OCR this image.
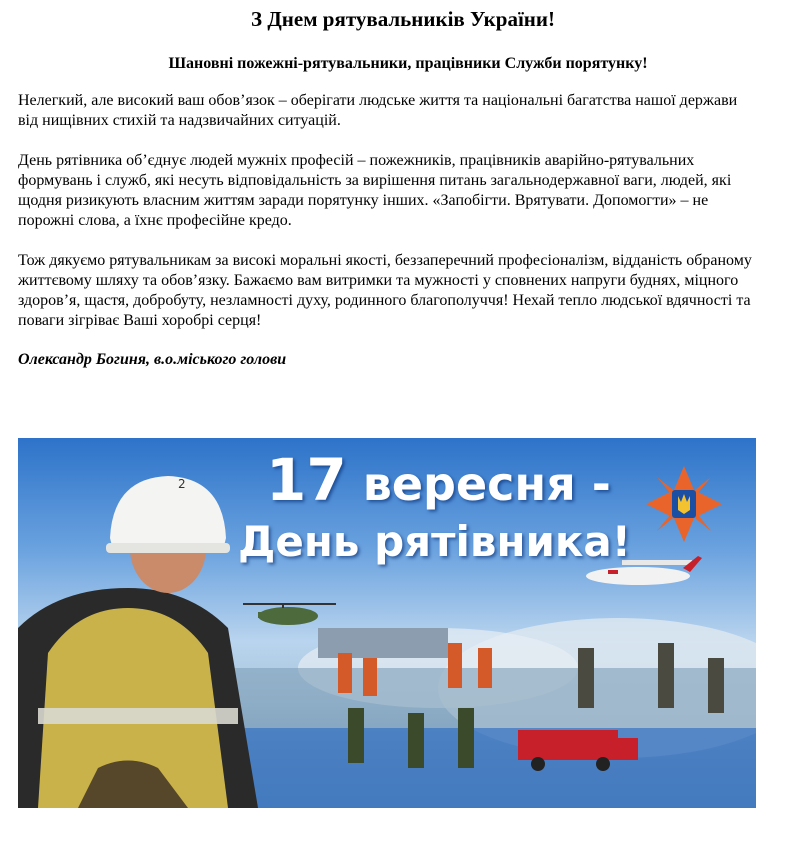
З Днем рятувальників України!

Шановні пожежні-рятувальники, працівники Служби порятунку!

Нелегкий, але високий ваш обов’язок – оберігати людське життя та національні багатства нашої держави від нищівних стихій та надзвичайних ситуацій.

День рятівника об’єднує людей мужніх професій – пожежників, працівників аварійно-рятувальних формувань і служб, які несуть відповідальність за вирішення питань загальнодержавної ваги, людей, які щодня ризикують власним життям заради порятунку інших. «Запобігти. Врятувати. Допомогти» – не порожні слова, а їхнє професійне кредо.

Тож дякуємо рятувальникам за високі моральні якості, беззаперечний професіоналізм, відданість обраному життєвому шляху та обов’язку. Бажаємо вам витримки та мужності у сповнених напруги буднях, міцного здоров’я, щастя, добробуту, незламності духу, родинного благополуччя! Нехай тепло людської вдячності та поваги зігріває Ваші хоробрі серця!

Олександр Богиня, в.о.міського голови

2 17 вересня -
День рятівника!
